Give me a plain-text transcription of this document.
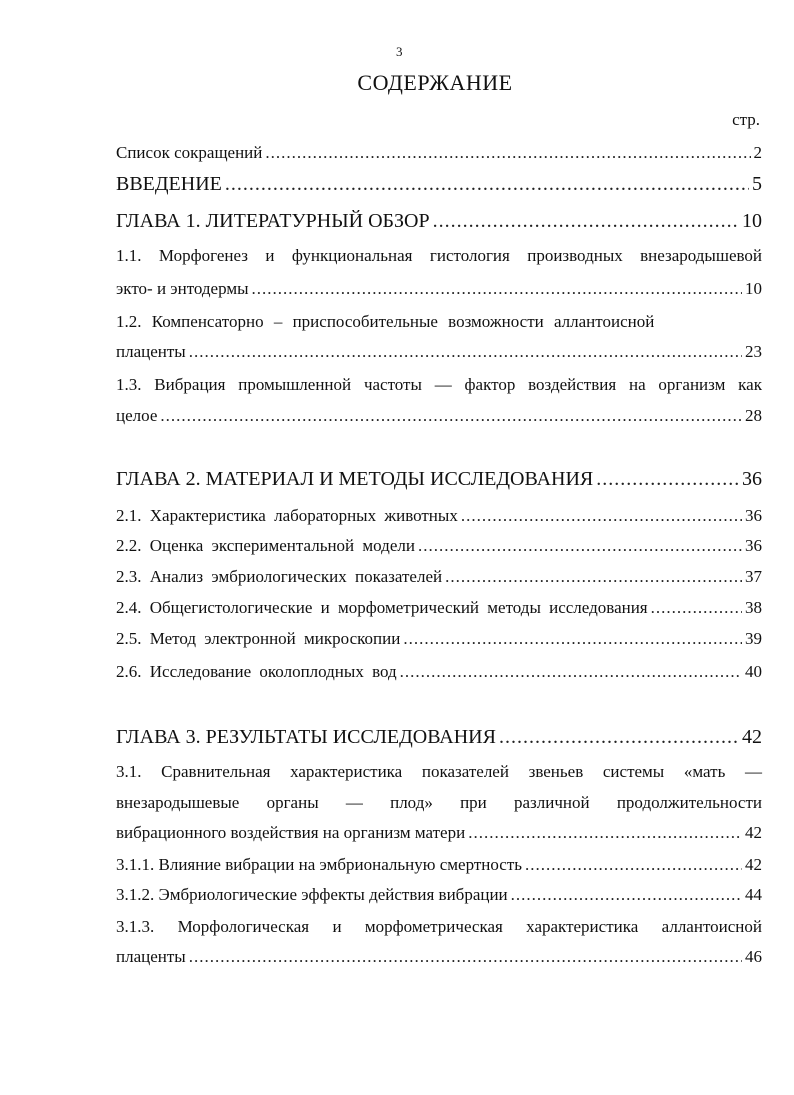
3
СОДЕРЖАНИЕ
стр.
Список сокращений .....	2
ВВЕДЕНИЕ .....	5
ГЛАВА 1. ЛИТЕРАТУРНЫЙ ОБЗОР .....	10
1.1. Морфогенез и функциональная гистология производных внезародышевой
экто- и энтодермы .....	10
1.2. Компенсаторно – приспособительные возможности аллантоисной
плаценты .....	23
1.3. Вибрация промышленной частоты — фактор воздействия на организм как
целое .....	28
ГЛАВА 2. МАТЕРИАЛ И МЕТОДЫ ИССЛЕДОВАНИЯ .....	36
2.1. Характеристика лабораторных животных .....	36
2.2. Оценка экспериментальной модели .....	36
2.3. Анализ эмбриологических показателей .....	37
2.4. Общегистологические и морфометрический методы исследования .....	38
2.5. Метод электронной микроскопии .....	39
2.6. Исследование околоплодных вод .....	40
ГЛАВА 3. РЕЗУЛЬТАТЫ ИССЛЕДОВАНИЯ .....	42
3.1. Сравнительная характеристика показателей звеньев системы «мать —
внезародышевые органы — плод» при различной продолжительности
вибрационного воздействия на организм матери .....	42
3.1.1. Влияние вибрации на эмбриональную смертность .....	42
3.1.2. Эмбриологические эффекты действия вибрации .....	44
3.1.3. Морфологическая и морфометрическая характеристика аллантоисной
плаценты .....	46
